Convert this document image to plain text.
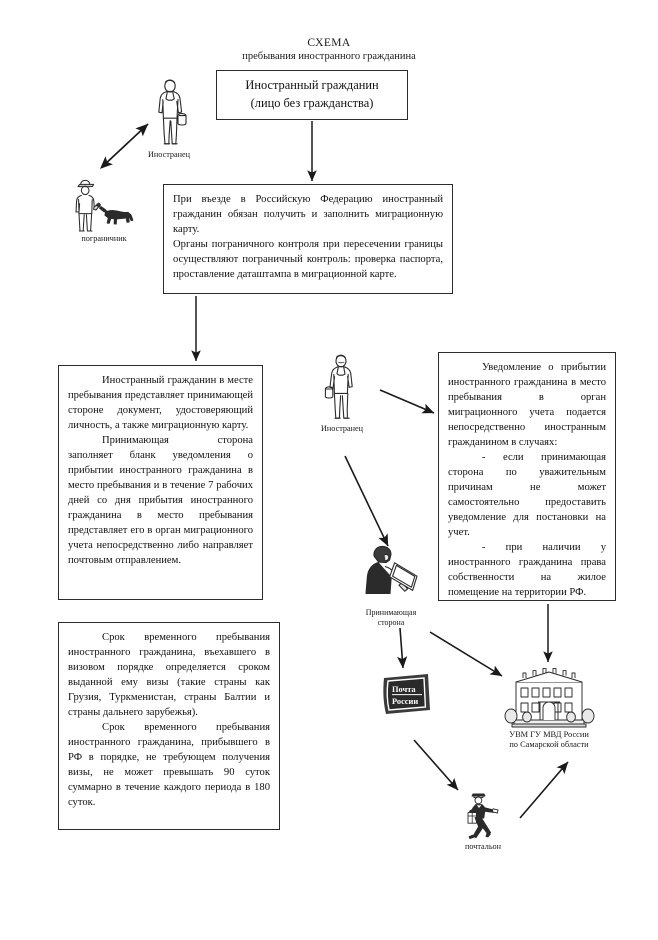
СХЕМА
пребывания иностранного гражданина

Иностранный гражданин

(лицо без гражданства)

При въезде в Российскую Федерацию иностранный гражданин обязан получить и заполнить миграционную карту.

Органы пограничного контроля при пересечении границы осуществляют пограничный контроль: проверка паспорта, проставление даташтампа в миграционной карте.

Иностранный гражданин в месте пребывания представляет принимающей стороне документ, удостоверяющий личность, а также миграционную карту.

Принимающая сторона заполняет бланк уведомления о прибытии иностранного гражданина в место пребывания и в течение 7 рабочих дней со дня прибытия иностранного гражданина в место пребывания представляет его в орган миграционного учета непосредственно либо направляет почтовым отправлением.

Уведомление о прибытии иностранного гражданина в место пребывания в орган миграционного учета подается непосредственно иностранным гражданином в случаях:

- если принимающая сторона по уважительным причинам не может самостоятельно предоставить уведомление для постановки на учет.

- при наличии у иностранного гражданина права собственности на жилое помещение на территории РФ.

Срок временного пребывания иностранного гражданина, въехавшего в визовом порядке определяется сроком выданной ему визы (такие страны как Грузия, Туркменистан, страны Балтии и страны дальнего зарубежья).

Срок временного пребывания иностранного гражданина, прибывшего в РФ в порядке, не требующем получения визы, не может превышать 90 суток суммарно в течение каждого периода в 180 суток.

Иностранец
пограничник
Иностранец
Принимающая
сторона
Почта
России
УВМ ГУ МВД России
по Самарской области
почтальон
